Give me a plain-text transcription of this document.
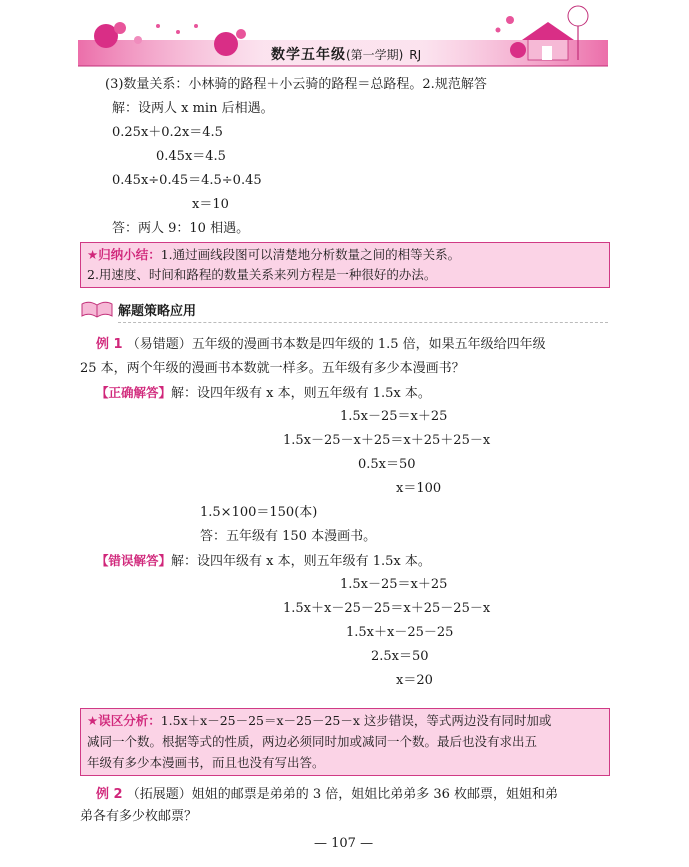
数学五年级(第一学期) RJ
(3)数量关系：小林骑的路程＋小云骑的路程＝总路程。2.规范解答
解：设两人 x min 后相遇。
0.25x＋0.2x＝4.5
0.45x＝4.5
0.45x÷0.45＝4.5÷0.45
x＝10
答：两人 9：10 相遇。
★归纳小结：1.通过画线段图可以清楚地分析数量之间的相等关系。
2.用速度、时间和路程的数量关系来列方程是一种很好的办法。
解题策略应用
例 1 （易错题）五年级的漫画书本数是四年级的 1.5 倍，如果五年级给四年级
25 本，两个年级的漫画书本数就一样多。五年级有多少本漫画书？
【正确解答】解：设四年级有 x 本，则五年级有 1.5x 本。
1.5x－25＝x＋25
1.5x－25－x＋25＝x＋25＋25－x
0.5x＝50
x＝100
1.5×100＝150(本)
答：五年级有 150 本漫画书。
【错误解答】解：设四年级有 x 本，则五年级有 1.5x 本。
1.5x－25＝x＋25
1.5x＋x－25－25＝x＋25－25－x
1.5x＋x－25－25
2.5x＝50
x＝20
★误区分析：1.5x＋x－25－25＝x－25－25－x 这步错误，等式两边没有同时加或
减同一个数。根据等式的性质，两边必须同时加或减同一个数。最后也没有求出五
年级有多少本漫画书，而且也没有写出答。
例 2 （拓展题）姐姐的邮票是弟弟的 3 倍，姐姐比弟弟多 36 枚邮票，姐姐和弟
弟各有多少枚邮票？
— 107 —
